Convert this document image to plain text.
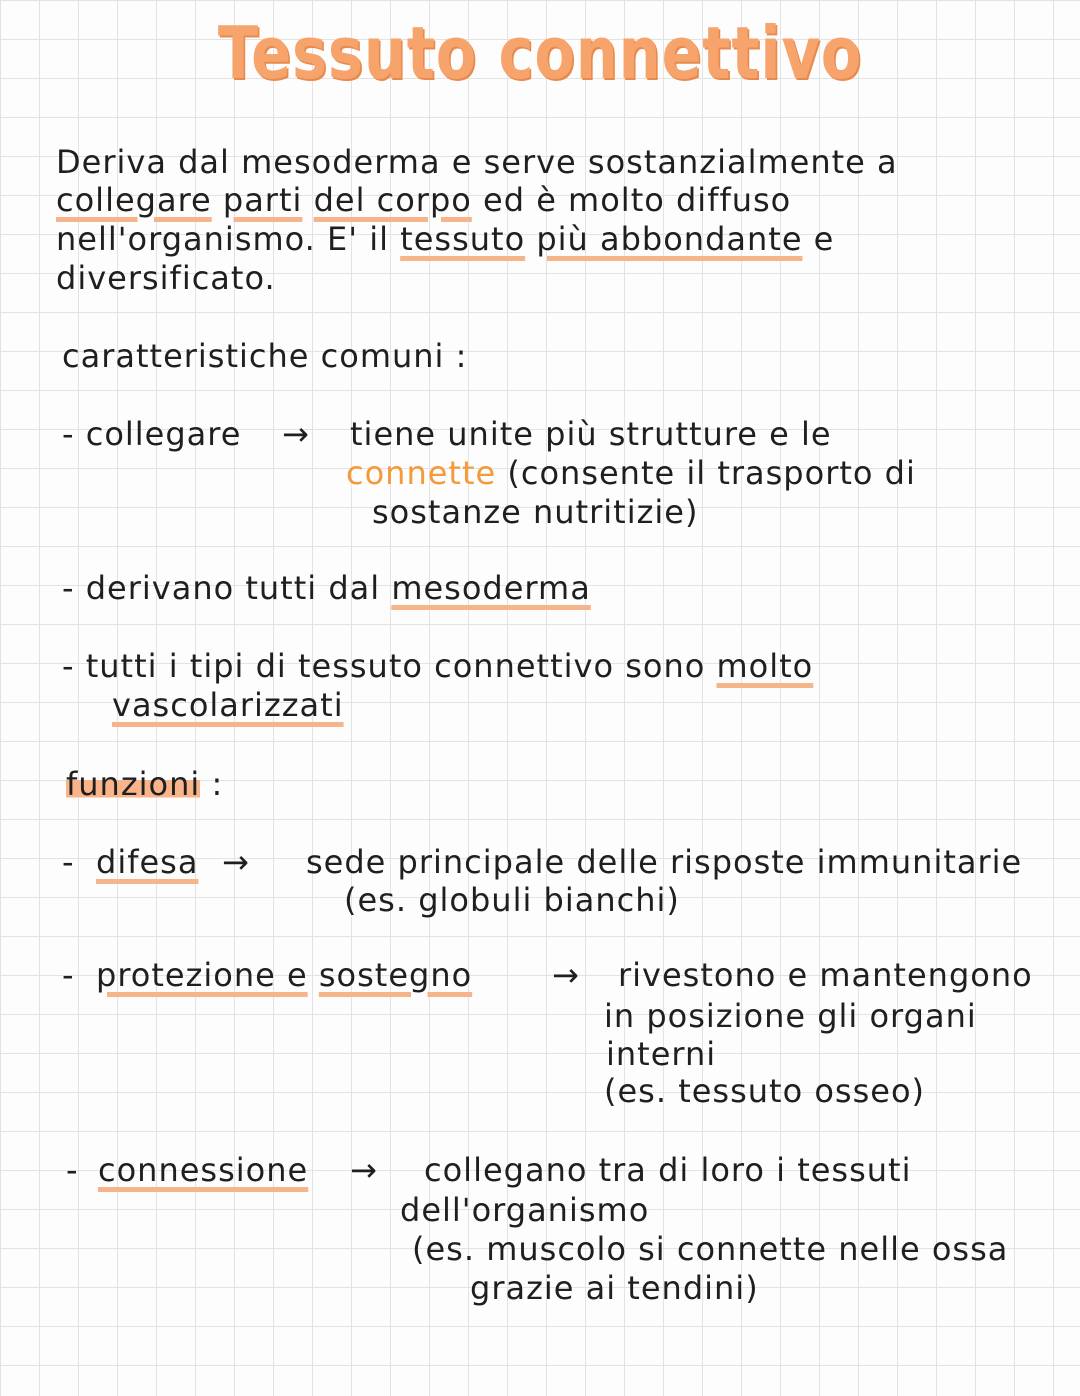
Tessuto connettivo
Deriva dal mesoderma e serve sostanzialmente a
collegare parti del corpo ed è molto diffuso
nell'organismo. E' il tessuto più abbondante e
diversificato.
caratteristiche comuni :
- collegare → tiene unite più strutture e le
connette (consente il trasporto di
sostanze nutritizie)
- derivano tutti dal mesoderma
- tutti i tipi di tessuto connettivo sono molto
vascolarizzati
funzioni :
- difesa → sede principale delle risposte immunitarie
(es. globuli bianchi)
- protezione e sostegno → rivestono e mantengono
in posizione gli organi
interni
(es. tessuto osseo)
- connessione → collegano tra di loro i tessuti
dell'organismo
(es. muscolo si connette nelle ossa
grazie ai tendini)
